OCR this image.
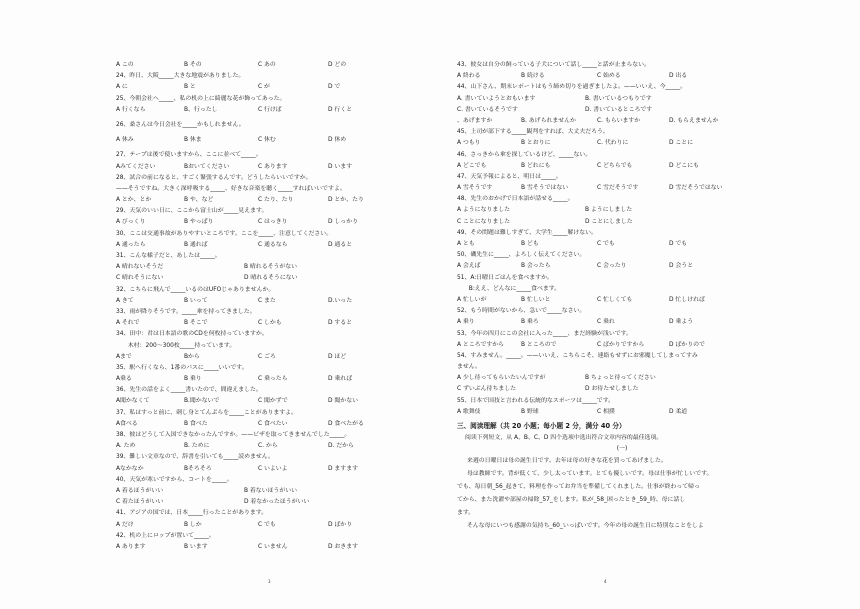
A この	B その	C あの	D どの
24、昨日、大阪_____大きな地震がありました。
A に	B と	C が	D で
25、今朝会社へ_____、私の机の上に綺麗な花が飾ってあった。
A 行くなら	B、行ったし	C 行けば	D 行くと
26、桑さんは今日会社を_____かもしれません。
A 休み	B 休ま	C 休む	D 休め
27、テープは後で使いますから、ここに並べて_____。
Aみてください	Bおいてください	C あります	D います
28、試合の前になると、すごく緊張するんです。どうしたらいいですか。
——そうですね。大きく深呼吸する_____、好きな音楽を聴く_____すればいいですよ。
A とか、とか	B や、など	C たり、たり	D とか、たり
29、天気のいい日に、ここから富士山が_____見えます。
A びっくり	B やっぱり	C はっきり	D しっかり
30、ここは交通事故がありやすいところです。ここを_____、注意してください。
A 通ったら	B 通れば	C 通るなら	D 通ると
31、こんな様子だと、あしたは_____。
A 晴れないそうだ	B 晴れるそうがない
C 晴れそうにない	D 晴れるそうにない
32、こちらに飛んで_____いるのはUFOじゃありませんか。
A きて	B いって	C また	D.いった
33、雨が降りそうです。_____傘を持ってきました。
A それで	B そこで	C しかも	D すると
34、田中：君は日本語の歌のCDを何枚持っていますか。
　　木村：200〜300枚_____持っています。
Aまで	Bから	C ごろ	D ほど
35、駅へ行くなら、1番のバスに_____いいです。
A乗る	B 乗り	C 乗ったら	D 乗れば
36、先生の話をよく_____書いたので、間違えました。
A聞かなくて	B.聞かないで	C 聞かずで	D 聞かない
37、私はすっと前に、刺し身とてんぷらを_____ことがありますよ。
A食べる	B 食べた	C 食べたい	D 食べたがる
38、彼はどうして入国できなかったんですか。——ビザを取ってきませんでした_____。
A. ため	B. ために	C. から	D. だから
39、難しい文章なので、辞書を引いても_____読めません。
Aなかなか	Bそろそろ	C いよいよ	D ますます
40、天気が寒いですから、コートを_____。
A 着るほうがいい	B 着ないほうがいい
C 着たほうがいい	D 着なかったほうがいい
41、アジアの国では、日本_____行ったことがあります。
A だけ	B しか	C でも	D ばかり
42、机の上にロップが置いて_____。
A あります	B います	C いません	D おきます
43、彼女は自分の飼っている子犬について話し_____と話が止まらない。
A 終わる	B 続ける	C 始める	D 出る
44、山下さん、期末レポートはもう締め切りを過ぎましたよ。——いいえ、今_____。
A. 書いていようとおもいます	B. 書いているつもりです
C. 書いているそうです	D. 書いているところです
、あげますか	B. あげられませんか	C. もらいますか	D. もらえませんか
45、上司が部下する_____観判をすれば、大丈夫だろう。
A つもり	B とおりに	C. 代わりに	D ことに
46、さっきから傘を探しているけど、_____ない。
A どこでも	B どれにも	C どちらでも	D どこにも
47、天気予報によると、明日は_____。
A 雪そうです	B 雪そうではない	C 雪だそうです	D 雪だそうではない
48、先生のおかげで日本語が話せる_____。
A ようになりました	B ようにしました
C ことになりました	D ことにしました
49、その問題は難しすぎて、大学生_____解けない。
A とも	B ども	C でも	D でも
50、磯先生に_____、よろしく伝えてください。
A 会えば	B 会ったら	C 会ったり	D 会うと
51、A:日曜日ごはんを食べますか。
　　B:ええ、どんなに_____食べます。
A 忙しいが	B 忙しいと	C 忙しくても	D 忙しければ
52、もう時間がないから、急いで_____なさい。
A 乗り	B 乗ろ	C 乗れ	D 乗よう
53、今年の四月にこの会社に入った_____、まだ経験が浅いです。
A ところですから	B ところので	C ばかりですから	D ばかりので
54、すみません。_____。——いいえ、こちらこそ、連絡もせずにお邪魔してしまってすみ
ません。
A 少し待ってもらいたいんですが	B ちょっと待ってください
C ずいぶん待ちました	D お待たせしました
55、日本で国技と言われる伝統的なスポーツは_____です。
A 歌舞伎	B 野球	C 相撲	D 柔道
三、阅读理解（共 20 小题；每小题 2 分，满分 40 分）
阅读下列短文，从 A、B、C、D 四个选项中选出符合文章内容的最佳选项。
(一)
来週の日曜日は母の誕生日です。去年は母の好きな花を買ってあげました。
母は教師です。背が低くて、少し太っています。とても優しいです。母は仕事が忙しいです。
でも、毎日朝_56_起きて、料理を作ってお弁当を準備してくれました。仕事が終わって帰っ
てから、また洗濯や部屋の掃除_57_をします。私が_58_困ったとき_59_時、母に話し
ます。
そんな母にいつも感謝の気持ち_60_いっぱいです。今年の母の誕生日に特別なことをしよ
3	4
